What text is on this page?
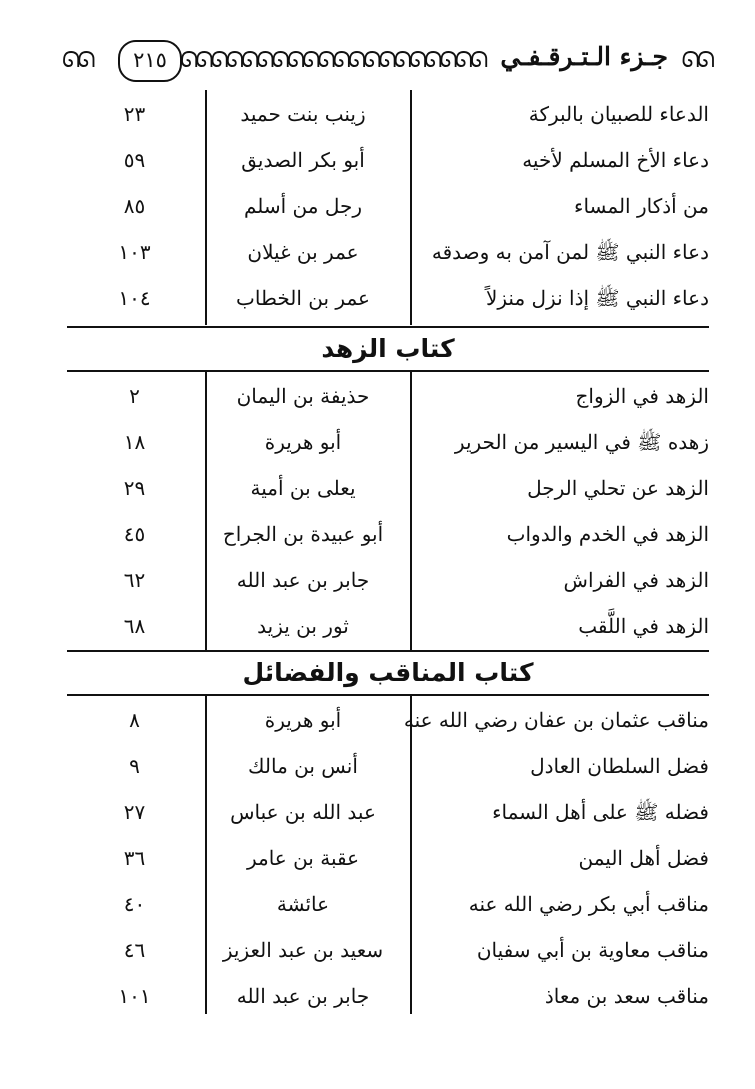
ᘏᘏ
جـزء الـتـرقـفـي
ᘏᘏᘏᘏᘏᘏᘏᘏᘏᘏᘏᘏᘏᘏᘏᘏᘏᘏᘏᘏ
٢١٥
ᘏᘏ
الدعاء للصبيان بالبركة
زينب بنت حميد
٢٣
دعاء الأخ المسلم لأخيه
أبو بكر الصديق
٥٩
من أذكار المساء
رجل من أسلم
٨٥
دعاء النبي ﷺ لمن آمن به وصدقه
عمر بن غيلان
١٠٣
دعاء النبي ﷺ إذا نزل منزلاً
عمر بن الخطاب
١٠٤
كتاب الزهد
الزهد في الزواج
حذيفة بن اليمان
٢
زهده ﷺ في اليسير من الحرير
أبو هريرة
١٨
الزهد عن تحلي الرجل
يعلى بن أمية
٢٩
الزهد في الخدم والدواب
أبو عبيدة بن الجراح
٤٥
الزهد في الفراش
جابر بن عبد الله
٦٢
الزهد في اللَّقب
ثور بن يزيد
٦٨
كتاب المناقب والفضائل
مناقب عثمان بن عفان رضي الله عنه
أبو هريرة
٨
فضل السلطان العادل
أنس بن مالك
٩
فضله ﷺ على أهل السماء
عبد الله بن عباس
٢٧
فضل أهل اليمن
عقبة بن عامر
٣٦
مناقب أبي بكر رضي الله عنه
عائشة
٤٠
مناقب معاوية بن أبي سفيان
سعيد بن عبد العزيز
٤٦
مناقب سعد بن معاذ
جابر بن عبد الله
١٠١
